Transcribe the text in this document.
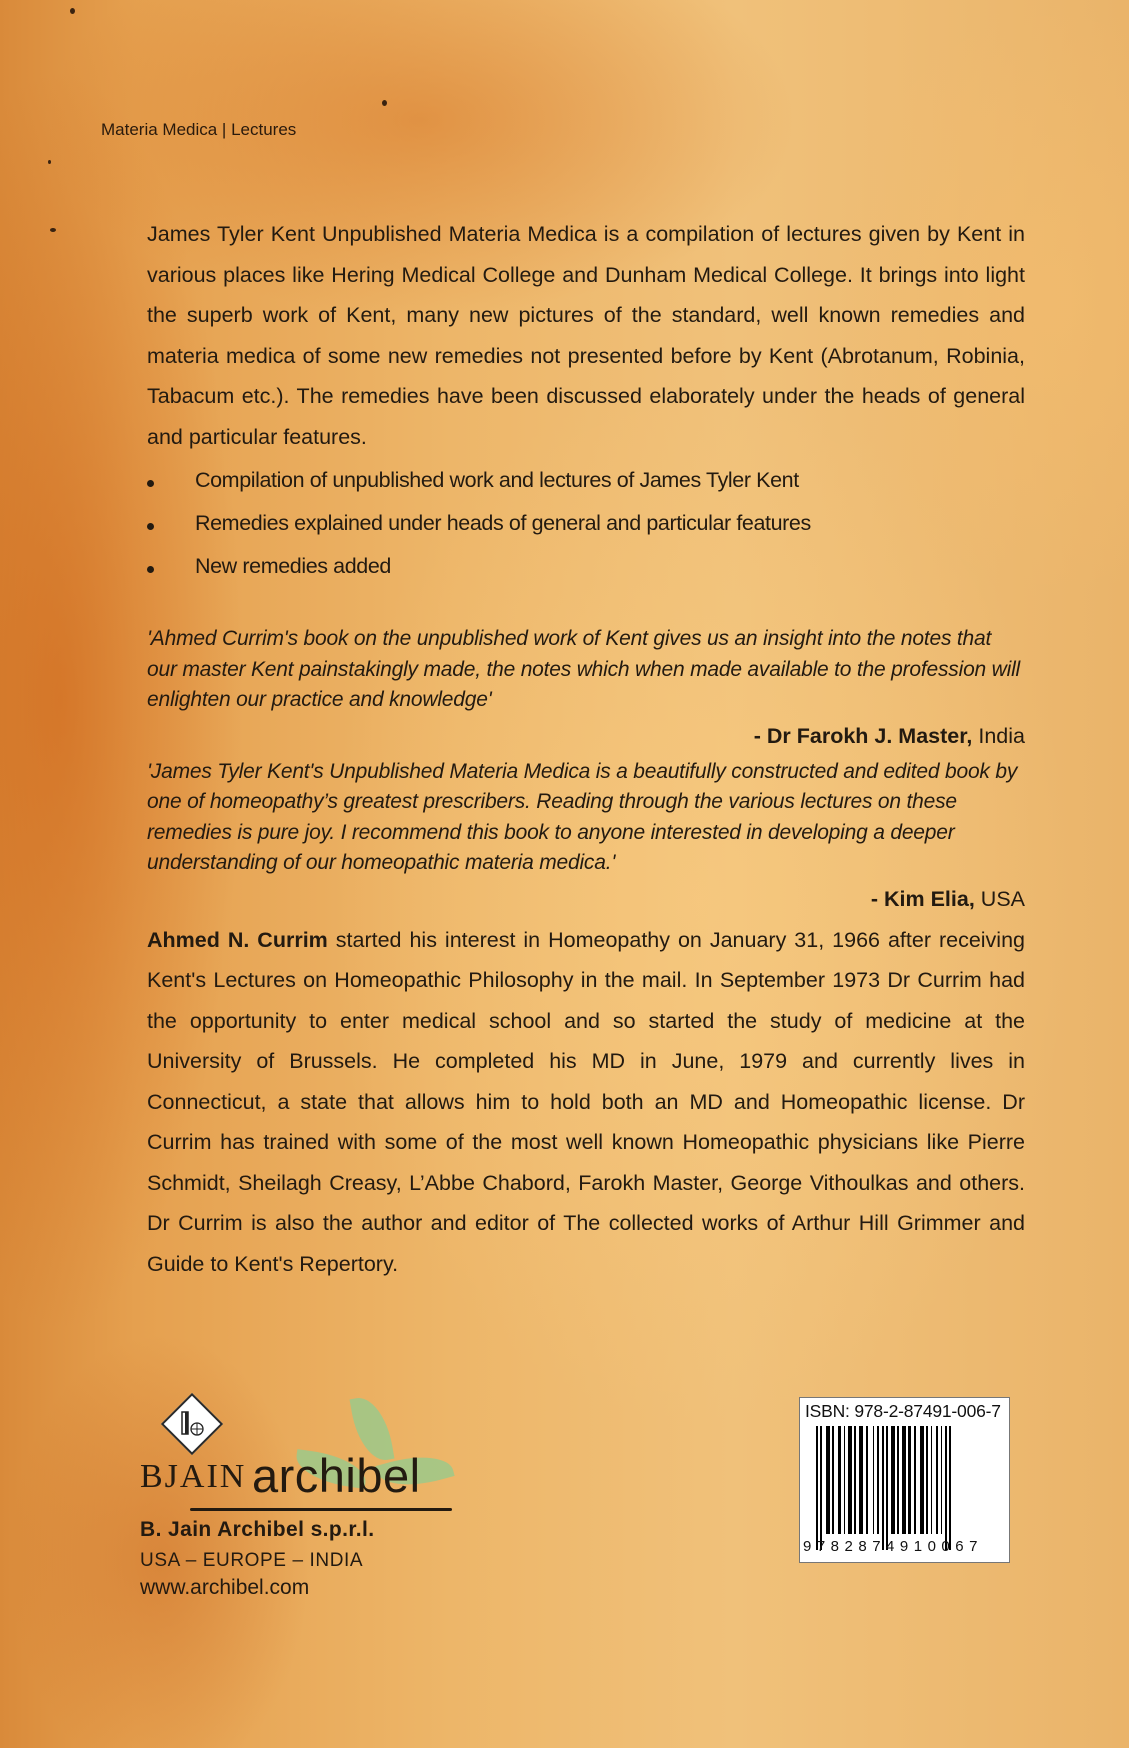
Materia Medica | Lectures

James Tyler Kent Unpublished Materia Medica is a compilation of lectures given by Kent in various places like Hering Medical College and Dunham Medical College. It brings into light the superb work of Kent, many new pictures of the standard, well known remedies and materia medica of some new remedies not presented before by Kent (Abrotanum, Robinia, Tabacum etc.). The remedies have been discussed elaborately under the heads of general and particular features.

Compilation of unpublished work and lectures of James Tyler Kent
Remedies explained under heads of general and particular features
New remedies added

'Ahmed Currim's book on the unpublished work of Kent gives us an insight into the notes that our master Kent painstakingly made, the notes which when made available to the profession will enlighten our practice and knowledge'

- Dr Farokh J. Master, India

'James Tyler Kent's Unpublished Materia Medica is a beautifully constructed and edited book by one of homeopathy’s greatest prescribers. Reading through the various lectures on these remedies is pure joy. I recommend this book to anyone interested in developing a deeper understanding of our homeopathic materia medica.'

- Kim Elia, USA

Ahmed N. Currim started his interest in Homeopathy on January 31, 1966 after receiving Kent's Lectures on Homeopathic Philosophy in the mail. In September 1973 Dr Currim had the opportunity to enter medical school and so started the study of medicine at the University of Brussels. He completed his MD in June, 1979 and currently lives in Connecticut, a state that allows him to hold both an MD and Homeopathic license. Dr Currim has trained with some of the most well known Homeopathic physicians like Pierre Schmidt, Sheilagh Creasy, L’Abbe Chabord, Farokh Master, George Vithoulkas and others. Dr Currim is also the author and editor of The collected works of Arthur Hill Grimmer and Guide to Kent's Repertory.

BJAIN archibel
B. Jain Archibel s.p.r.l.
USA – EUROPE – INDIA
www.archibel.com
ISBN: 978-2-87491-006-7
9782874910067
